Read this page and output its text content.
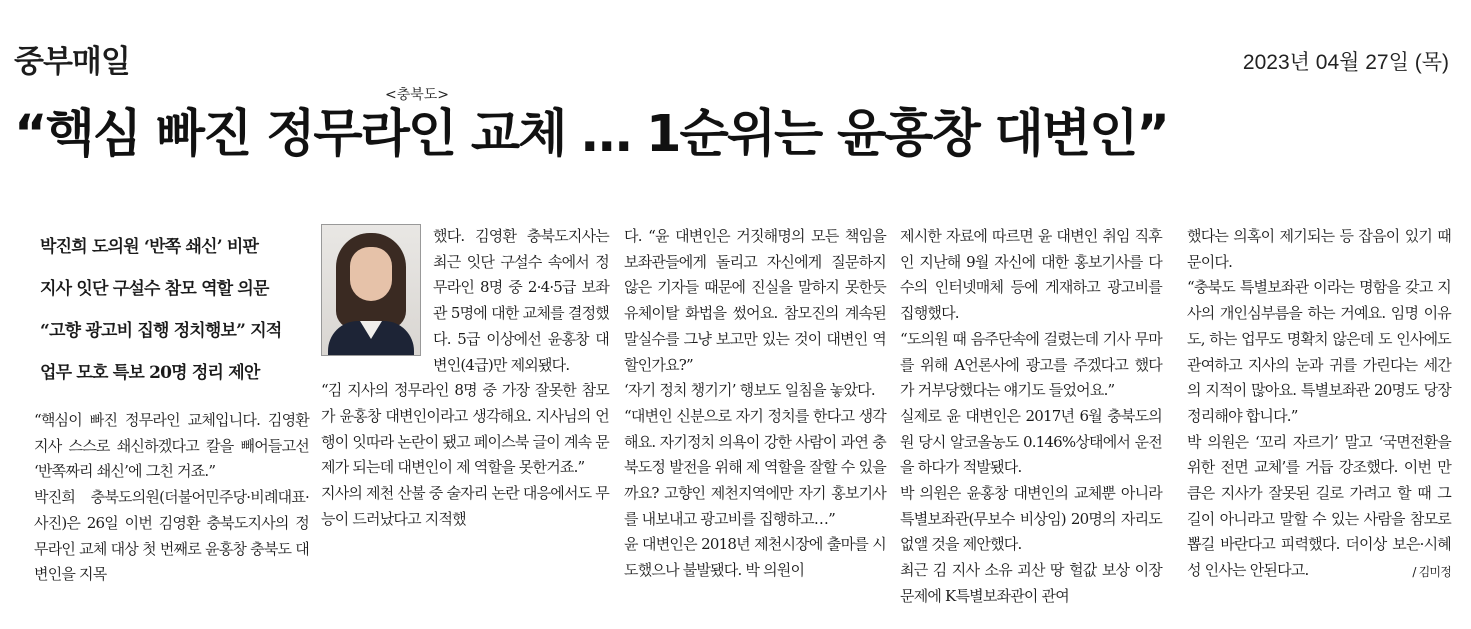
중부매일	2023년 04월 27일 (목)
<충북도>
“핵심 빠진 정무라인 교체 … 1순위는 윤홍창 대변인”
박진희 도의원 ‘반쪽 쇄신’ 비판
지사 잇단 구설수 참모 역할 의문
“고향 광고비 집행 정치행보” 지적
업무 모호 특보 20명 정리 제안

“핵심이 빠진 정무라인 교체입니다. 김영환 지사 스스로 쇄신하겠다고 칼을 빼어들고선 ‘반쪽짜리 쇄신’에 그친 거죠.”

박진희 충북도의원(더불어민주당·비례대표·사진)은 26일 이번 김영환 충북도지사의 정무라인 교체 대상 첫 번째로 윤홍창 충북도 대변인을 지목

했다. 김영환 충북도지사는 최근 잇단 구설수 속에서 정무라인 8명 중 2·4·5급 보좌관 5명에 대한 교체를 결정했다. 5급 이상에선 윤홍창 대변인(4급)만 제외됐다.

“김 지사의 정무라인 8명 중 가장 잘못한 참모가 윤홍창 대변인이라고 생각해요. 지사님의 언행이 잇따라 논란이 됐고 페이스북 글이 계속 문제가 되는데 대변인이 제 역할을 못한거죠.”

지사의 제천 산불 중 술자리 논란 대응에서도 무능이 드러났다고 지적했

다. “윤 대변인은 거짓해명의 모든 책임을 보좌관들에게 돌리고 자신에게 질문하지 않은 기자들 때문에 진실을 말하지 못한듯 유체이탈 화법을 썼어요. 참모진의 계속된 말실수를 그냥 보고만 있는 것이 대변인 역할인가요?”

‘자기 정치 챙기기’ 행보도 일침을 놓았다.

“대변인 신분으로 자기 정치를 한다고 생각해요. 자기정치 의욕이 강한 사람이 과연 충북도정 발전을 위해 제 역할을 잘할 수 있을까요? 고향인 제천지역에만 자기 홍보기사를 내보내고 광고비를 집행하고…”

윤 대변인은 2018년 제천시장에 출마를 시도했으나 불발됐다. 박 의원이

제시한 자료에 따르면 윤 대변인 취임 직후인 지난해 9월 자신에 대한 홍보기사를 다수의 인터넷매체 등에 게재하고 광고비를 집행했다.

“도의원 때 음주단속에 걸렸는데 기사 무마를 위해 A언론사에 광고를 주겠다고 했다가 거부당했다는 얘기도 들었어요.”

실제로 윤 대변인은 2017년 6월 충북도의원 당시 알코올농도 0.146%상태에서 운전을 하다가 적발됐다.

박 의원은 윤홍창 대변인의 교체뿐 아니라 특별보좌관(무보수 비상임) 20명의 자리도 없앨 것을 제안했다.

최근 김 지사 소유 괴산 땅 헐값 보상 이장 문제에 K특별보좌관이 관여

했다는 의혹이 제기되는 등 잡음이 있기 때문이다.

“충북도 특별보좌관 이라는 명함을 갖고 지사의 개인심부름을 하는 거예요. 임명 이유도, 하는 업무도 명확치 않은데 도 인사에도 관여하고 지사의 눈과 귀를 가린다는 세간의 지적이 많아요. 특별보좌관 20명도 당장 정리해야 합니다.”

박 의원은 ‘꼬리 자르기’ 말고 ‘국면전환을 위한 전면 교체’를 거듭 강조했다. 이번 만큼은 지사가 잘못된 길로 가려고 할 때 그 길이 아니라고 말할 수 있는 사람을 참모로 뽑길 바란다고 피력했다. 더이상 보은·시혜성 인사는 안된다고.	/ 김미정
